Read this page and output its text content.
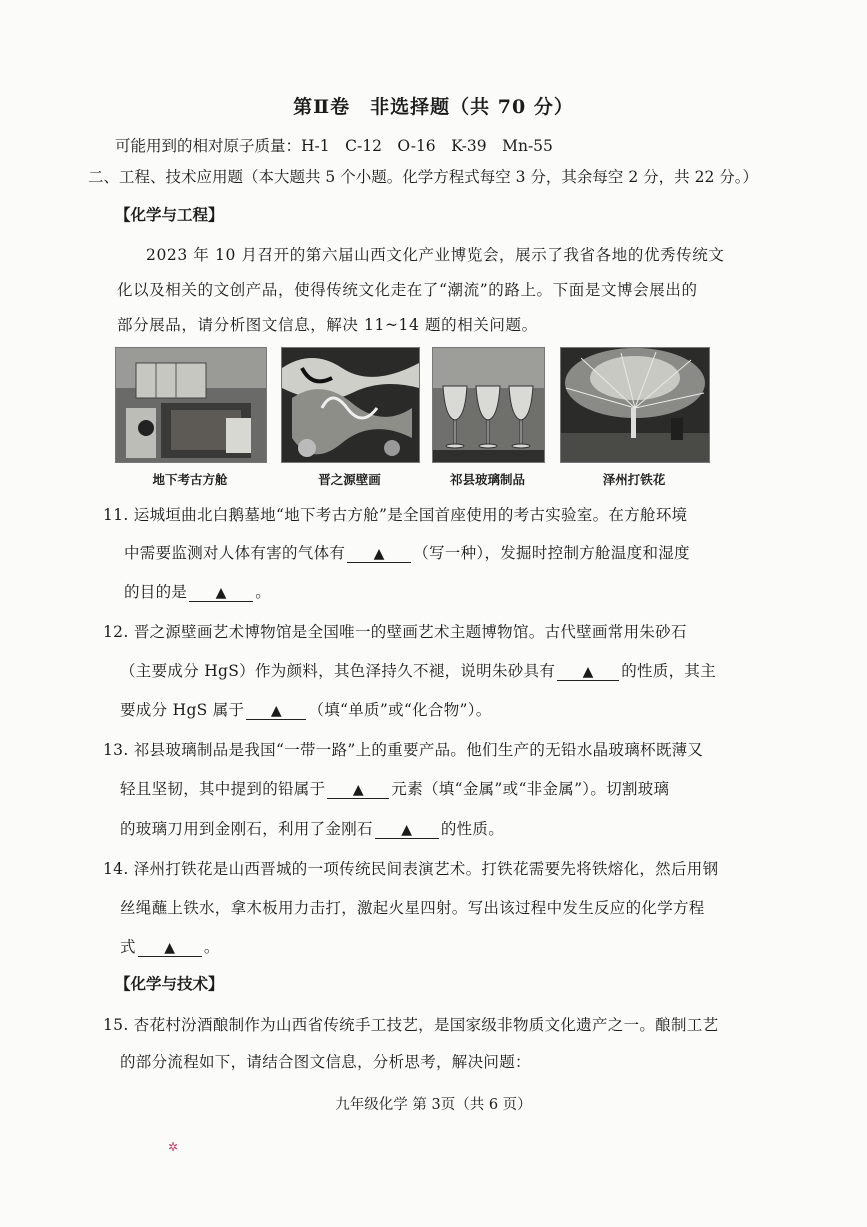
第Ⅱ卷　非选择题（共 70 分）
可能用到的相对原子质量：H-1　C-12　O-16　K-39　Mn-55
二、工程、技术应用题（本大题共 5 个小题。化学方程式每空 3 分，其余每空 2 分，共 22 分。）
【化学与工程】
2023 年 10 月召开的第六届山西文化产业博览会，展示了我省各地的优秀传统文
化以及相关的文创产品，使得传统文化走在了“潮流”的路上。下面是文博会展出的
部分展品，请分析图文信息，解决 11~14 题的相关问题。
地下考古方舱	晋之源壁画	祁县玻璃制品	泽州打铁花
11. 运城垣曲北白鹅墓地“地下考古方舱”是全国首座使用的考古实验室。在方舱环境
中需要监测对人体有害的气体有 ▲ （写一种），发掘时控制方舱温度和湿度
的目的是 ▲ 。
12. 晋之源壁画艺术博物馆是全国唯一的壁画艺术主题博物馆。古代壁画常用朱砂石
（主要成分 HgS）作为颜料，其色泽持久不褪，说明朱砂具有 ▲ 的性质，其主
要成分 HgS 属于 ▲ （填“单质”或“化合物”）。
13. 祁县玻璃制品是我国“一带一路”上的重要产品。他们生产的无铅水晶玻璃杯既薄又
轻且坚韧，其中提到的铅属于 ▲ 元素（填“金属”或“非金属”）。切割玻璃
的玻璃刀用到金刚石，利用了金刚石 ▲ 的性质。
14. 泽州打铁花是山西晋城的一项传统民间表演艺术。打铁花需要先将铁熔化，然后用钢
丝绳蘸上铁水，拿木板用力击打，激起火星四射。写出该过程中发生反应的化学方程
式 ▲ 。
【化学与技术】
15. 杏花村汾酒酿制作为山西省传统手工技艺，是国家级非物质文化遗产之一。酿制工艺
的部分流程如下，请结合图文信息，分析思考，解决问题：
九年级化学 第 3页（共 6 页）
✲
